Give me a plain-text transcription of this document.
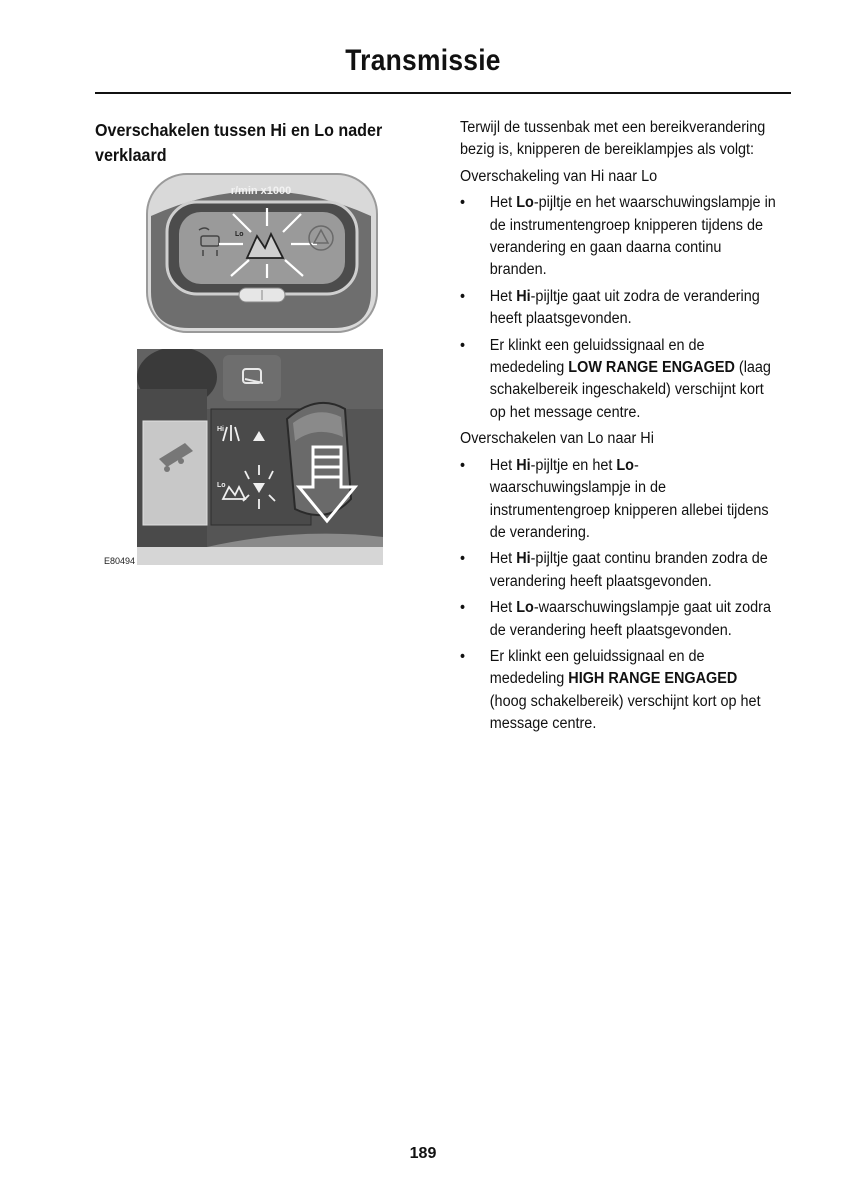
Transmissie
Overschakelen tussen Hi en Lo nader verklaard
r/min x1000
Lo
Hi
Lo
E80494

Terwijl de tussenbak met een bereikverandering bezig is, knipperen de bereiklampjes als volgt:

Overschakeling van Hi naar Lo

• Het Lo-pijltje en het waarschuwingslampje in de instrumentengroep knipperen tijdens de verandering en gaan daarna continu branden.
• Het Hi-pijltje gaat uit zodra de verandering heeft plaatsgevonden.
• Er klinkt een geluidssignaal en de mededeling LOW RANGE ENGAGED (laag schakelbereik ingeschakeld) verschijnt kort op het message centre.

Overschakelen van Lo naar Hi

• Het Hi-pijltje en het Lo-waarschuwingslampje in de instrumentengroep knipperen allebei tijdens de verandering.
• Het Hi-pijltje gaat continu branden zodra de verandering heeft plaatsgevonden.
• Het Lo-waarschuwingslampje gaat uit zodra de verandering heeft plaatsgevonden.
• Er klinkt een geluidssignaal en de mededeling HIGH RANGE ENGAGED (hoog schakelbereik) verschijnt kort op het message centre.
189
